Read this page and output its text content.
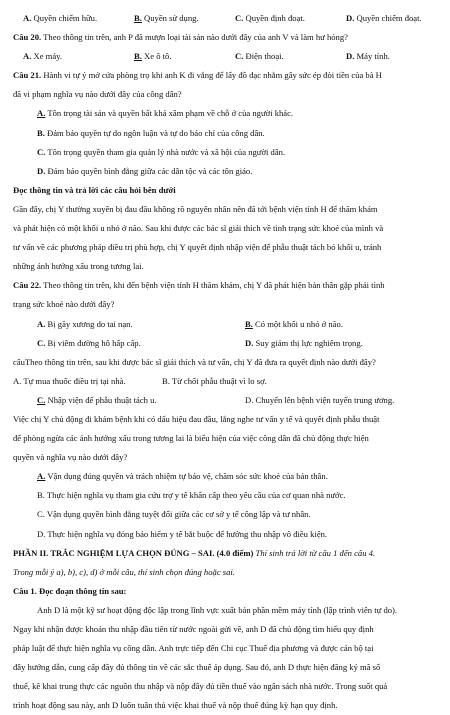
A. Quyền chiếm hữu.	B. Quyền sử dụng.	C. Quyền định đoạt.	D. Quyền chiếm đoạt.
Câu 20. Theo thông tin trên, anh P đã mượn loại tài sản nào dưới đây của anh V và làm hư hỏng?
A. Xe máy.	B. Xe ô tô.	C. Điện thoại.	D. Máy tính.
Câu 21. Hành vi tự ý mở cửa phòng trọ khi anh K đi vắng để lấy đồ đạc nhằm gây sức ép đòi tiền của bà H
đã vi phạm nghĩa vụ nào dưới đây của công dân?
A. Tôn trọng tài sản và quyền bất khả xâm phạm về chỗ ở của người khác.
B. Đảm bảo quyền tự do ngôn luận và tự do báo chí của công dân.
C. Tôn trọng quyền tham gia quản lý nhà nước và xã hội của người dân.
D. Đảm bảo quyền bình đẳng giữa các dân tộc và các tôn giáo.
Đọc thông tin và trả lời các câu hỏi bên dưới
Gần đây, chị Y thường xuyên bị đau đầu không rõ nguyên nhân nên đã tới bệnh viện tỉnh H để thăm khám
và phát hiện có một khối u nhỏ ở não. Sau khi được các bác sĩ giải thích về tình trạng sức khoẻ của mình và
tư vấn về các phương pháp điều trị phù hợp, chị Y quyết định nhập viện để phẫu thuật tách bỏ khối u, tránh
những ảnh hưởng xấu trong tương lai.
Câu 22. Theo thông tin trên, khi đến bệnh viện tỉnh H thăm khám, chị Y đã phát hiện bản thân gặp phải tình
trạng sức khoẻ nào dưới đây?
A. Bị gãy xương do tai nạn.	B. Có một khối u nhỏ ở não.
C. Bị viêm đường hô hấp cấp.	D. Suy giảm thị lực nghiêm trọng.
câuTheo thông tin trên, sau khi được bác sĩ giải thích và tư vấn, chị Y đã đưa ra quyết định nào dưới đây?
A. Tự mua thuốc điều trị tại nhà.	B. Từ chối phẫu thuật vì lo sợ.
C. Nhập viện để phẫu thuật tách u.	D. Chuyển lên bệnh viện tuyến trung ương.
Việc chị Y chủ động đi khám bệnh khi có dấu hiệu đau đầu, lắng nghe tư vấn y tế và quyết định phẫu thuật
để phòng ngừa các ảnh hưởng xấu trong tương lai là biểu hiện của việc công dân đã chủ động thực hiện
quyền và nghĩa vụ nào dưới đây?
A. Vận dụng đúng quyền và trách nhiệm tự bảo vệ, chăm sóc sức khoẻ của bản thân.
B. Thực hiện nghĩa vụ tham gia cứu trợ y tế khẩn cấp theo yêu cầu của cơ quan nhà nước.
C. Vận dụng quyền bình đẳng tuyệt đối giữa các cơ sở y tế công lập và tư nhân.
D. Thực hiện nghĩa vụ đóng bảo hiểm y tế bắt buộc để hưởng thu nhập vô điều kiện.
PHẦN II. TRẮC NGHIỆM LỰA CHỌN ĐÚNG – SAI. (4.0 điểm) Thí sinh trả lời từ câu 1 đến câu 4.
Trong mỗi ý a), b), c), d) ở mỗi câu, thí sinh chọn đúng hoặc sai.
Câu 1. Đọc đoạn thông tin sau:
Anh D là một kỹ sư hoạt động độc lập trong lĩnh vực xuất bản phần mềm máy tính (lập trình viên tự do).
Ngay khi nhận được khoản thu nhập đầu tiên từ nước ngoài gửi về, anh D đã chủ động tìm hiểu quy định
pháp luật để thực hiện nghĩa vụ công dân. Anh trực tiếp đến Chi cục Thuế địa phương và được cán bộ tại
đây hướng dẫn, cung cấp đầy đủ thông tin về các sắc thuế áp dụng. Sau đó, anh D thực hiện đăng ký mã số
thuế, kê khai trung thực các nguồn thu nhập và nộp đầy đủ tiền thuế vào ngân sách nhà nước. Trong suốt quá
trình hoạt động sau này, anh D luôn tuân thủ việc khai thuế và nộp thuế đúng kỳ hạn quy định.
